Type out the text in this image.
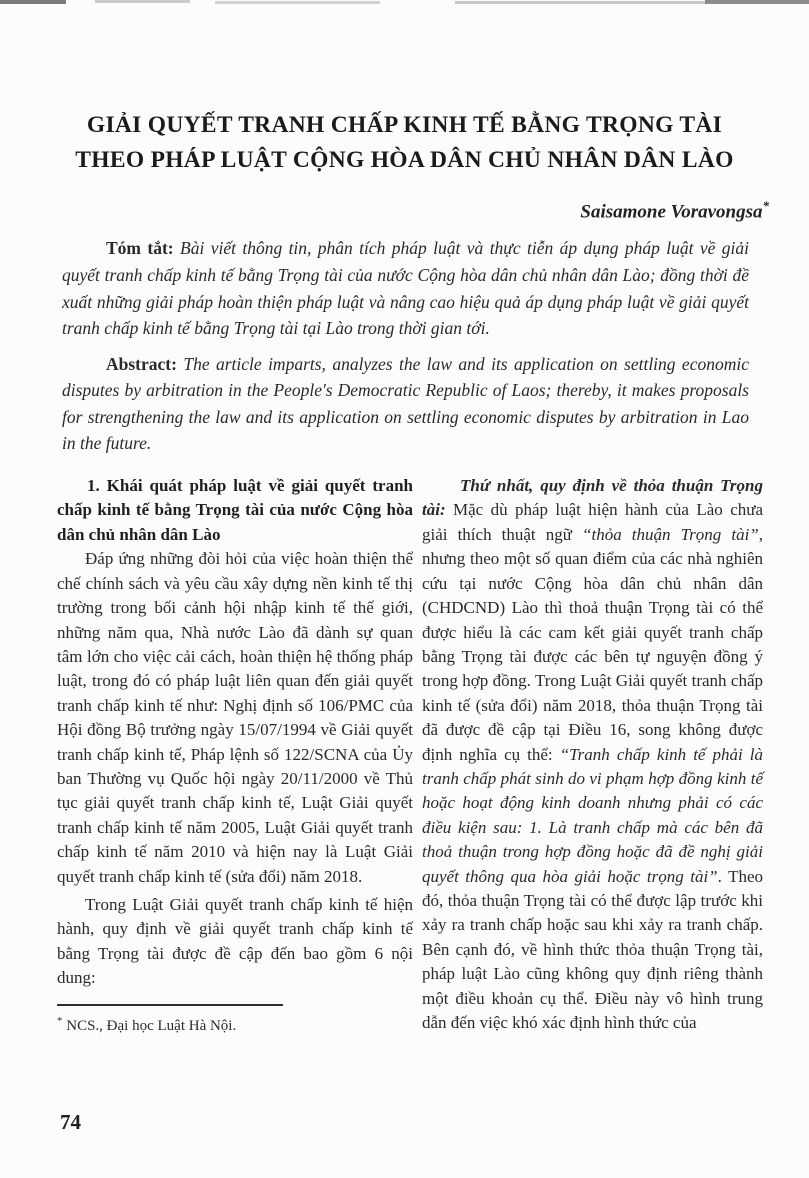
GIẢI QUYẾT TRANH CHẤP KINH TẾ BẰNG TRỌNG TÀI
THEO PHÁP LUẬT CỘNG HÒA DÂN CHỦ NHÂN DÂN LÀO
Saisamone Voravongsa*

Tóm tắt: Bài viết thông tin, phân tích pháp luật và thực tiễn áp dụng pháp luật về giải quyết tranh chấp kinh tế bằng Trọng tài của nước Cộng hòa dân chủ nhân dân Lào; đồng thời đề xuất những giải pháp hoàn thiện pháp luật và nâng cao hiệu quả áp dụng pháp luật về giải quyết tranh chấp kinh tế bằng Trọng tài tại Lào trong thời gian tới.

Abstract: The article imparts, analyzes the law and its application on settling economic disputes by arbitration in the People's Democratic Republic of Laos; thereby, it makes proposals for strengthening the law and its application on settling economic disputes by arbitration in Lao in the future.

1. Khái quát pháp luật về giải quyết tranh chấp kinh tế bằng Trọng tài của nước Cộng hòa dân chủ nhân dân Lào

Đáp ứng những đòi hỏi của việc hoàn thiện thể chế chính sách và yêu cầu xây dựng nền kinh tế thị trường trong bối cảnh hội nhập kinh tế thế giới, những năm qua, Nhà nước Lào đã dành sự quan tâm lớn cho việc cải cách, hoàn thiện hệ thống pháp luật, trong đó có pháp luật liên quan đến giải quyết tranh chấp kinh tế như: Nghị định số 106/PMC của Hội đồng Bộ trưởng ngày 15/07/1994 về Giải quyết tranh chấp kinh tế, Pháp lệnh số 122/SCNA của Ủy ban Thường vụ Quốc hội ngày 20/11/2000 về Thủ tục giải quyết tranh chấp kinh tế, Luật Giải quyết tranh chấp kinh tế năm 2005, Luật Giải quyết tranh chấp kinh tế năm 2010 và hiện nay là Luật Giải quyết tranh chấp kinh tế (sửa đổi) năm 2018.

Trong Luật Giải quyết tranh chấp kinh tế hiện hành, quy định về giải quyết tranh chấp kinh tế bằng Trọng tài được đề cập đến bao gồm 6 nội dung:

* NCS., Đại học Luật Hà Nội.

Thứ nhất, quy định về thỏa thuận Trọng tài: Mặc dù pháp luật hiện hành của Lào chưa giải thích thuật ngữ “thỏa thuận Trọng tài”, nhưng theo một số quan điểm của các nhà nghiên cứu tại nước Cộng hòa dân chủ nhân dân (CHDCND) Lào thì thoả thuận Trọng tài có thể được hiểu là các cam kết giải quyết tranh chấp bằng Trọng tài được các bên tự nguyện đồng ý trong hợp đồng. Trong Luật Giải quyết tranh chấp kinh tế (sửa đổi) năm 2018, thỏa thuận Trọng tài đã được đề cập tại Điều 16, song không được định nghĩa cụ thể: “Tranh chấp kinh tế phải là tranh chấp phát sinh do vi phạm hợp đồng kinh tế hoặc hoạt động kinh doanh nhưng phải có các điều kiện sau: 1. Là tranh chấp mà các bên đã thoả thuận trong hợp đồng hoặc đã đề nghị giải quyết thông qua hòa giải hoặc trọng tài”. Theo đó, thỏa thuận Trọng tài có thể được lập trước khi xảy ra tranh chấp hoặc sau khi xảy ra tranh chấp. Bên cạnh đó, về hình thức thỏa thuận Trọng tài, pháp luật Lào cũng không quy định riêng thành một điều khoản cụ thể. Điều này vô hình trung dẫn đến việc khó xác định hình thức của

74
